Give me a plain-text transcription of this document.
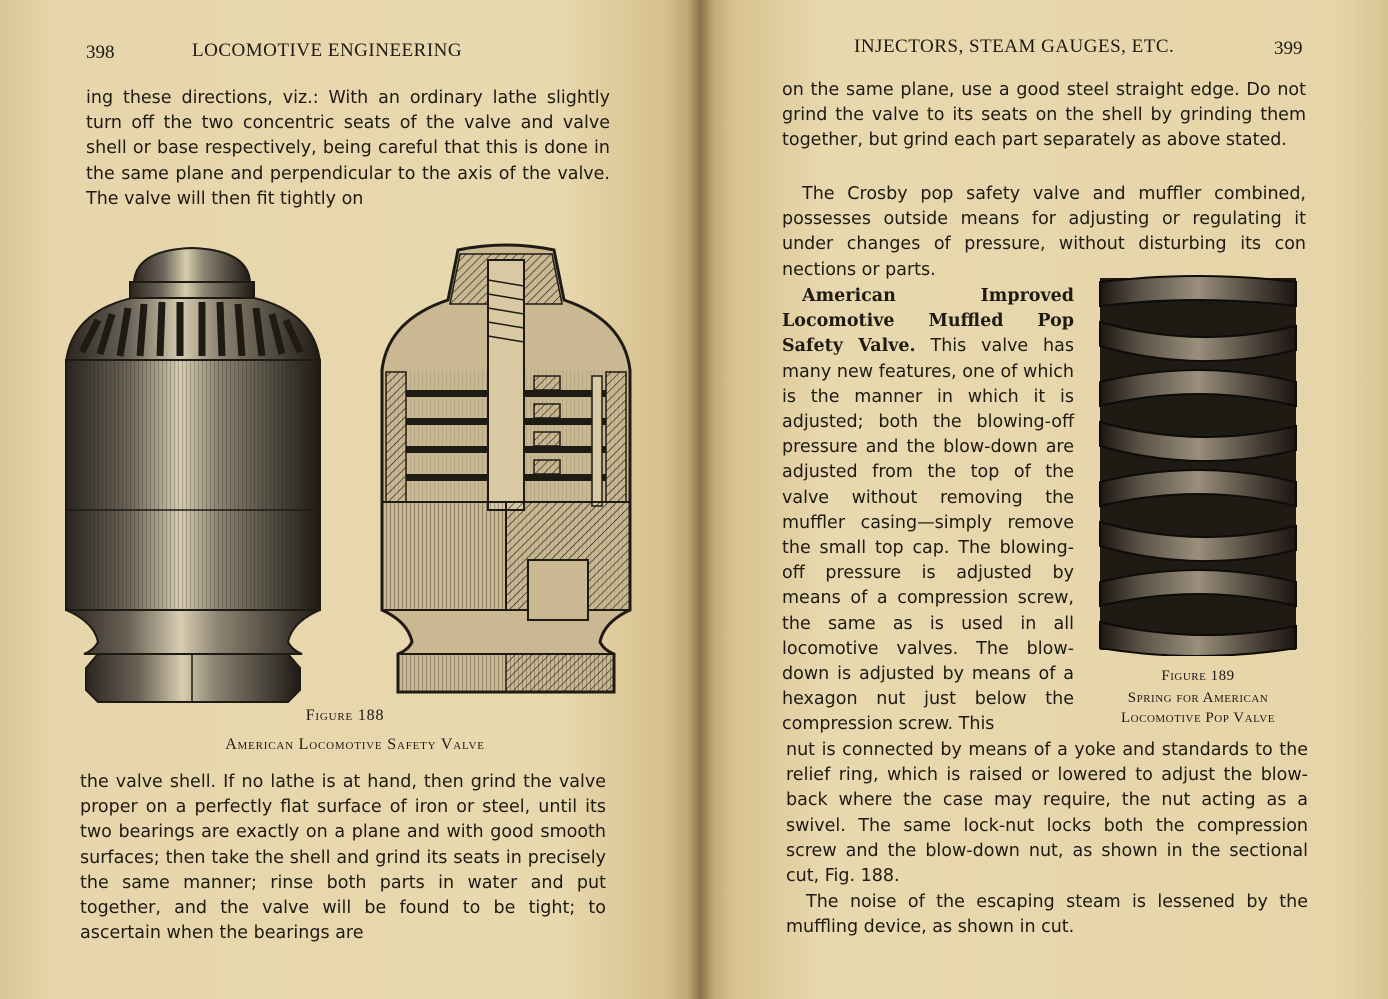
398	LOCOMOTIVE ENGINEERING

ing these directions, viz.: With an ordinary lathe slightly turn off the two concentric seats of the valve and valve shell or base respectively, being careful that this is done in the same plane and perpendicular to the axis of the valve. The valve will then fit tightly on

Figure 188
American Locomotive Safety Valve

the valve shell. If no lathe is at hand, then grind the valve proper on a perfectly flat surface of iron or steel, until its two bearings are exactly on a plane and with good smooth surfaces; then take the shell and grind its seats in precisely the same manner; rinse both parts in water and put together, and the valve will be found to be tight; to ascertain when the bearings are

INJECTORS, STEAM GAUGES, ETC.	399

on the same plane, use a good steel straight edge. Do not grind the valve to its seats on the shell by grinding them together, but grind each part separately as above stated.

The Crosby pop safety valve and muffler combined, possesses outside means for adjusting or regulating it under changes of pressure, without disturbing its con nections or parts.

American Improved Locomotive Muffled Pop Safety Valve. This valve has many new features, one of which is the manner in which it is adjusted; both the blowing-off pressure and the blow-down are adjusted from the top of the valve without removing the muffler casing—simply remove the small top cap. The blowing-off pressure is adjusted by means of a compression screw, the same as is used in all locomotive valves. The blow-down is adjusted by means of a hexagon nut just below the compression screw. This

Figure 189
Spring for American Locomotive Pop Valve

nut is connected by means of a yoke and standards to the relief ring, which is raised or lowered to adjust the blow-back where the case may require, the nut acting as a swivel. The same lock-nut locks both the compression screw and the blow-down nut, as shown in the sectional cut, Fig. 188.

The noise of the escaping steam is lessened by the muffling device, as shown in cut.
